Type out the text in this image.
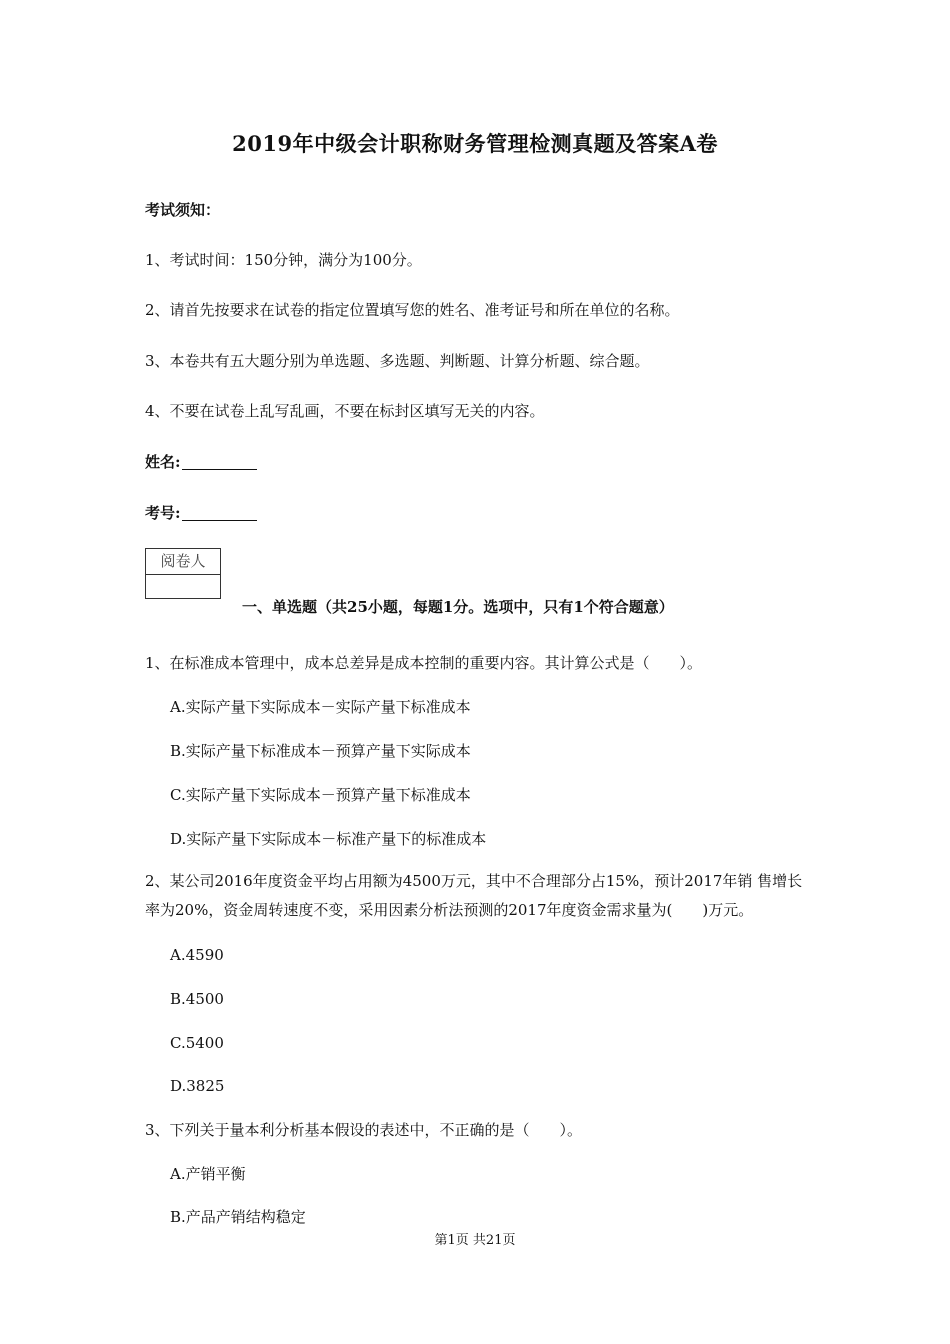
2019年中级会计职称财务管理检测真题及答案A卷
考试须知：
1、考试时间：150分钟，满分为100分。
2、请首先按要求在试卷的指定位置填写您的姓名、准考证号和所在单位的名称。
3、本卷共有五大题分别为单选题、多选题、判断题、计算分析题、综合题。
4、不要在试卷上乱写乱画，不要在标封区填写无关的内容。
姓名:
考号:
阅卷人
一、单选题（共25小题，每题1分。选项中，只有1个符合题意）
1、在标准成本管理中，成本总差异是成本控制的重要内容。其计算公式是（　　）。
A.实际产量下实际成本－实际产量下标准成本
B.实际产量下标准成本－预算产量下实际成本
C.实际产量下实际成本－预算产量下标准成本
D.实际产量下实际成本－标准产量下的标准成本
2、某公司2016年度资金平均占用额为4500万元，其中不合理部分占15%，预计2017年销 售增长率为20%，资金周转速度不变，采用因素分析法预测的2017年度资金需求量为(　　)万元。
A.4590
B.4500
C.5400
D.3825
3、下列关于量本利分析基本假设的表述中，不正确的是（　　）。
A.产销平衡
B.产品产销结构稳定
第1页 共21页
